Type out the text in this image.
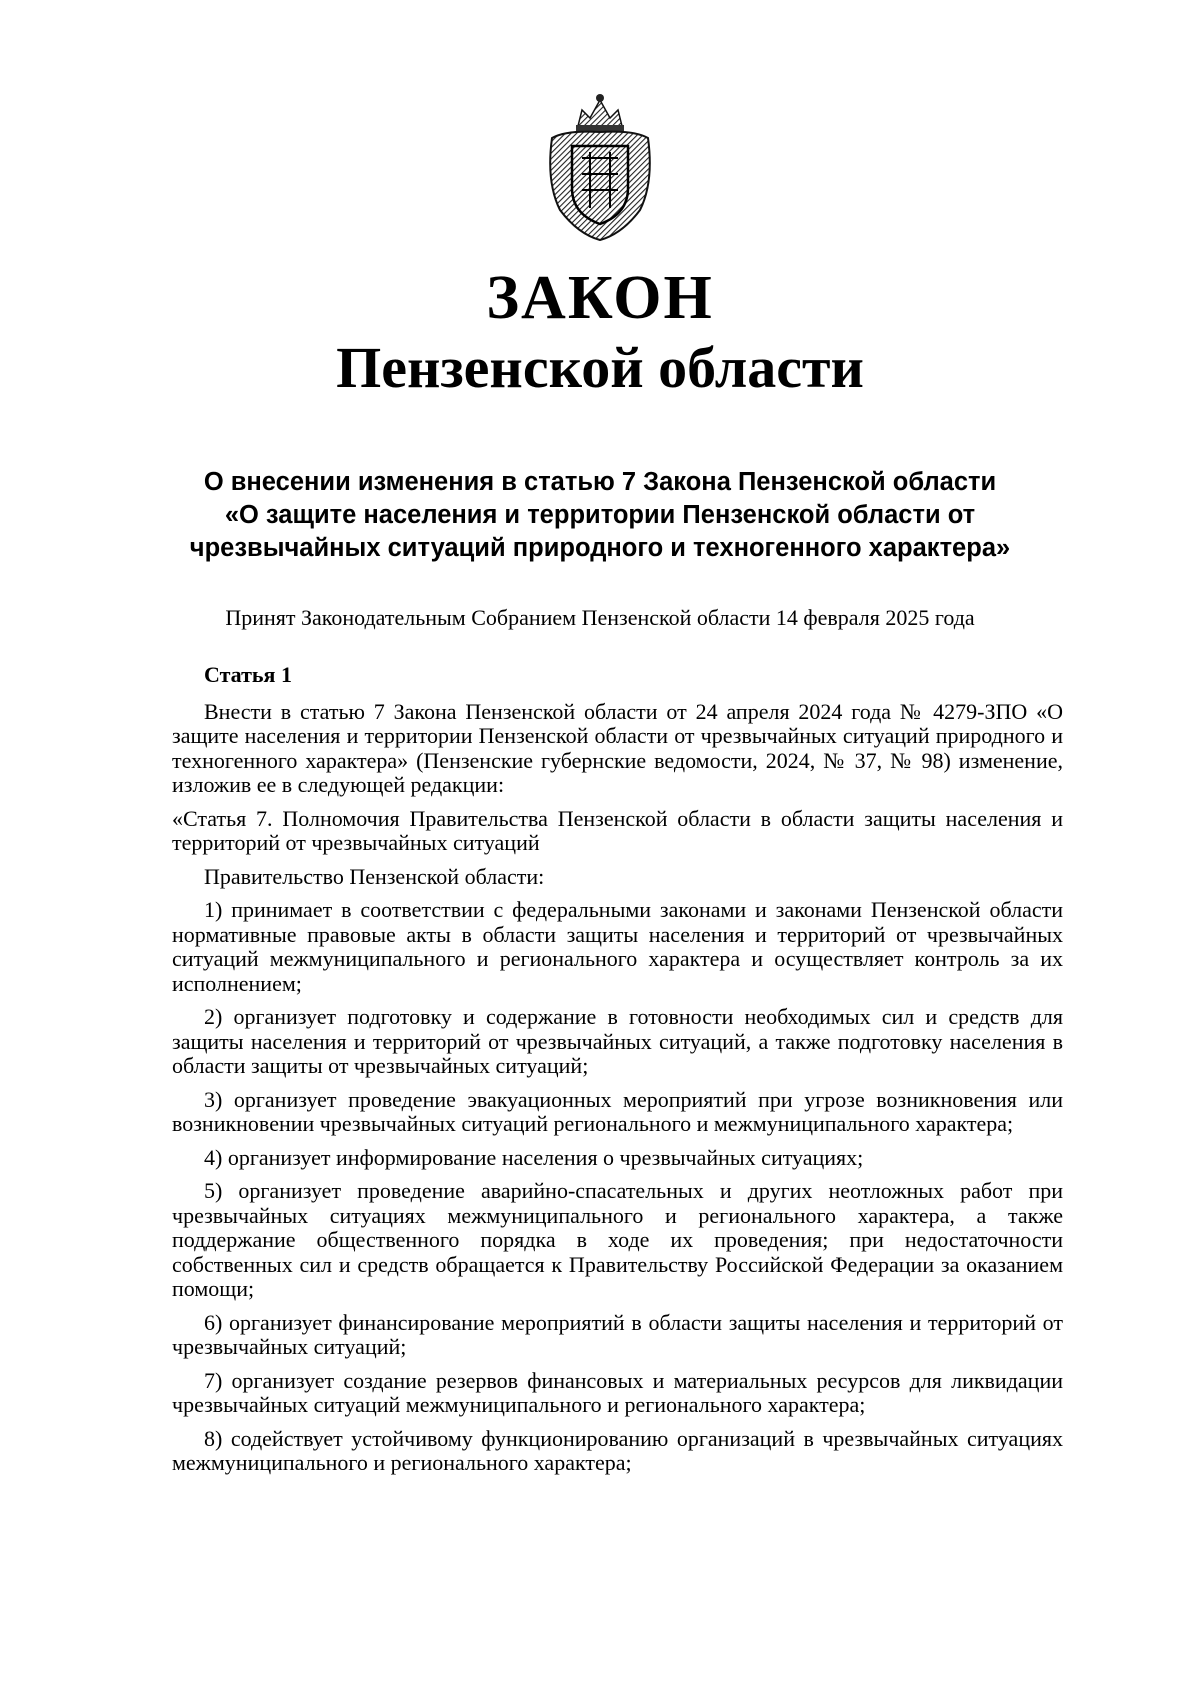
ЗАКОН
Пензенской области
О внесении изменения в статью 7 Закона Пензенской области
«О защите населения и территории Пензенской области от
чрезвычайных ситуаций природного и техногенного характера»
Принят Законодательным Собранием Пензенской области 14 февраля 2025 года

Статья 1

Внести в статью 7 Закона Пензенской области от 24 апреля 2024 года № 4279-ЗПО «О защите населения и территории Пензенской области от чрезвычайных ситуаций природного и техногенного характера» (Пензенские губернские ведомости, 2024, № 37, № 98) изменение, изложив ее в следующей редакции:

«Статья 7. Полномочия Правительства Пензенской области в области защиты населения и территорий от чрезвычайных ситуаций

Правительство Пензенской области:

1) принимает в соответствии с федеральными законами и законами Пензенской области нормативные правовые акты в области защиты населения и территорий от чрезвычайных ситуаций межмуниципального и регионального характера и осуществляет контроль за их исполнением;

2) организует подготовку и содержание в готовности необходимых сил и средств для защиты населения и территорий от чрезвычайных ситуаций, а также подготовку населения в области защиты от чрезвычайных ситуаций;

3) организует проведение эвакуационных мероприятий при угрозе возникновения или возникновении чрезвычайных ситуаций регионального и межмуниципального характера;

4) организует информирование населения о чрезвычайных ситуациях;

5) организует проведение аварийно-спасательных и других неотложных работ при чрезвычайных ситуациях межмуниципального и регионального характера, а также поддержание общественного порядка в ходе их проведения; при недостаточности собственных сил и средств обращается к Правительству Российской Федерации за оказанием помощи;

6) организует финансирование мероприятий в области защиты населения и территорий от чрезвычайных ситуаций;

7) организует создание резервов финансовых и материальных ресурсов для ликвидации чрезвычайных ситуаций межмуниципального и регионального характера;

8) содействует устойчивому функционированию организаций в чрезвычайных ситуациях межмуниципального и регионального характера;
